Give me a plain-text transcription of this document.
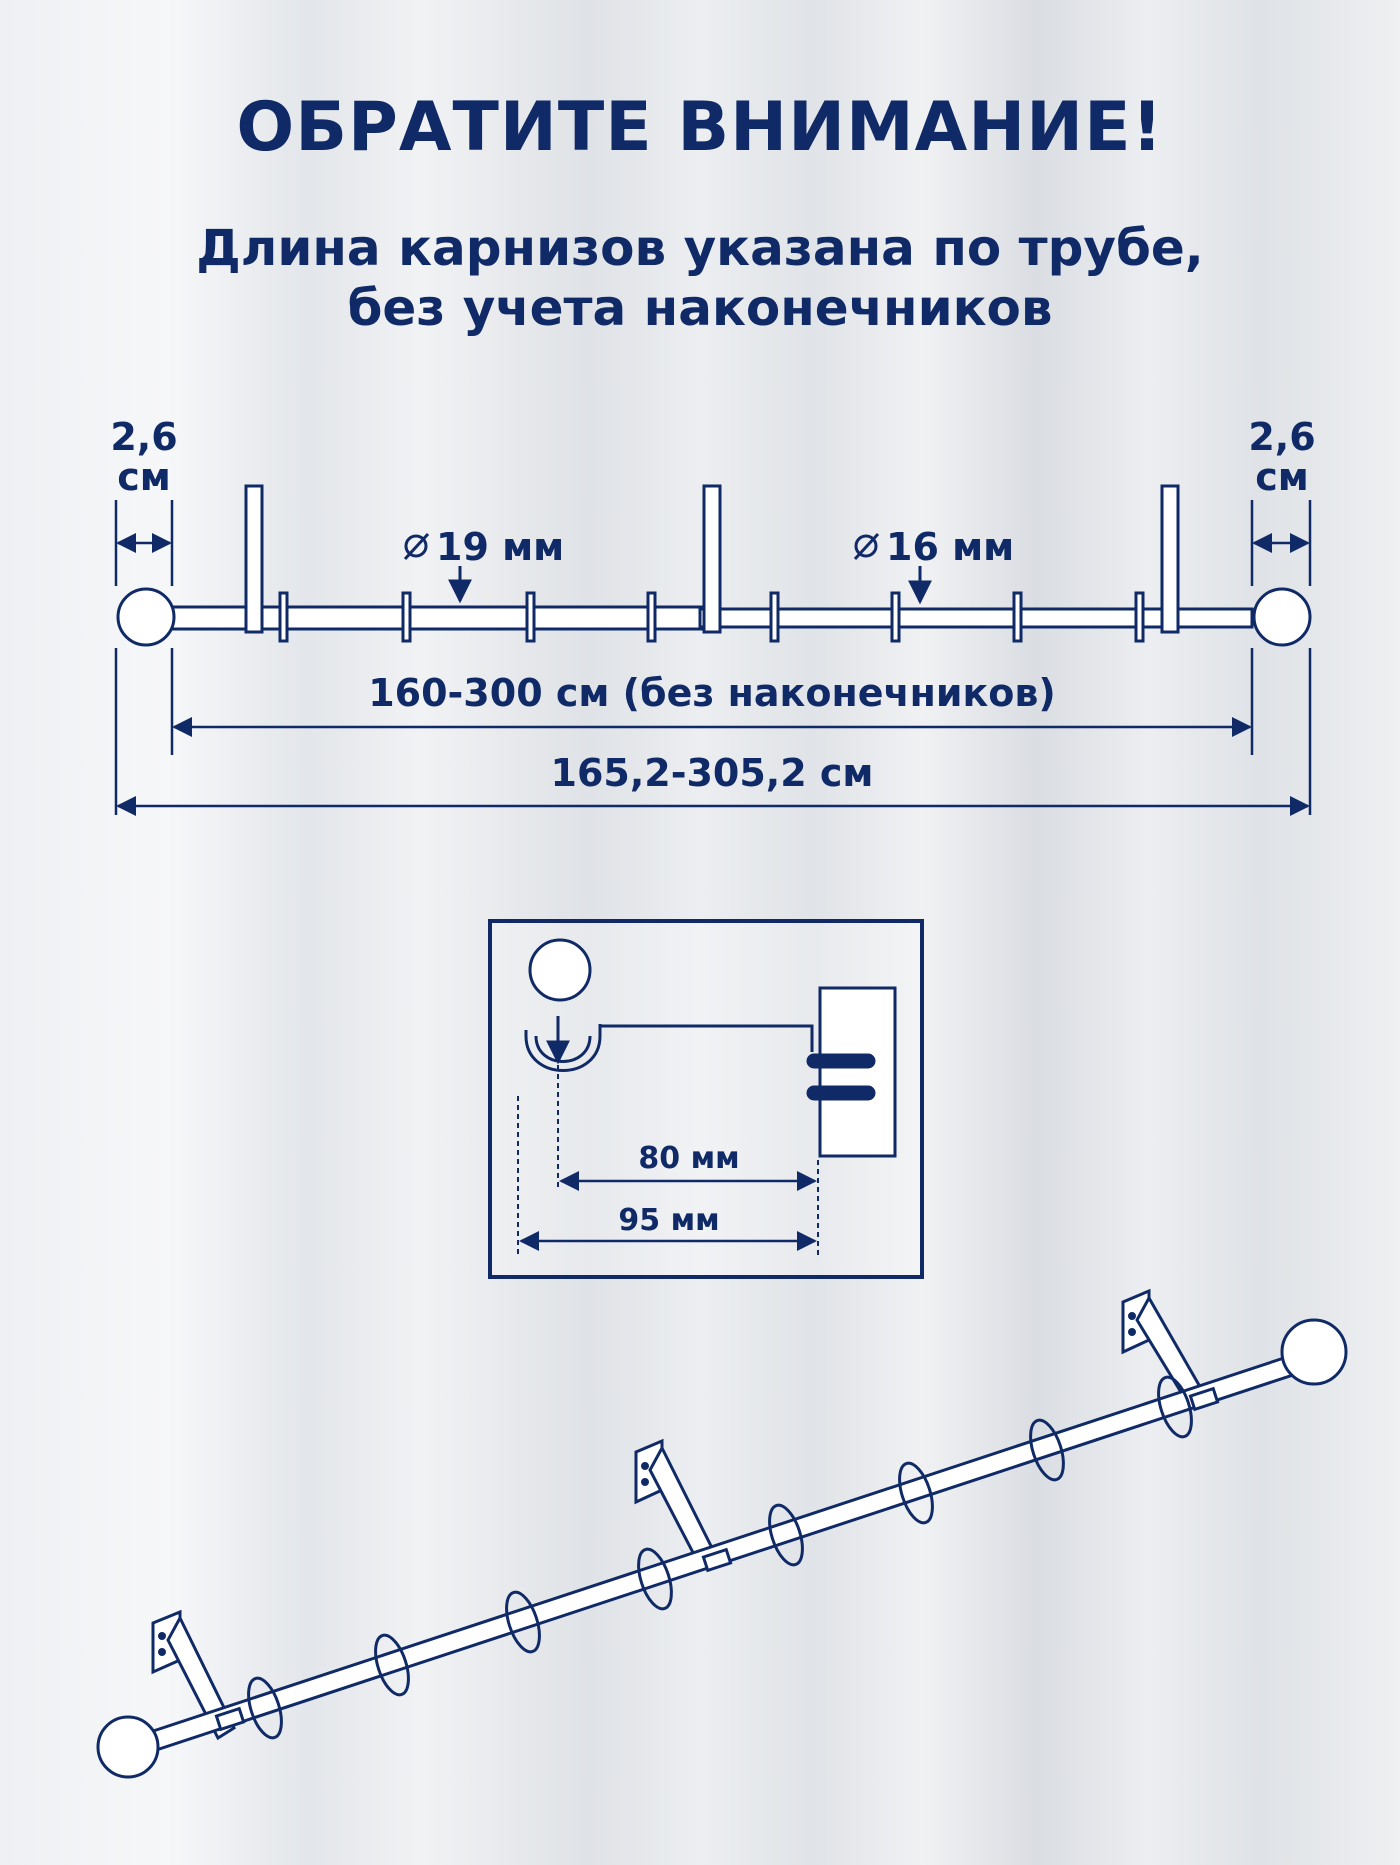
ОБРАТИТЕ ВНИМАНИЕ!
Длина карнизов указана по трубе,
без учета наконечников
19 мм	16 мм
2,6
см
2,6
см
160-300 см (без наконечников)
165,2-305,2 см
80 мм
95 мм
